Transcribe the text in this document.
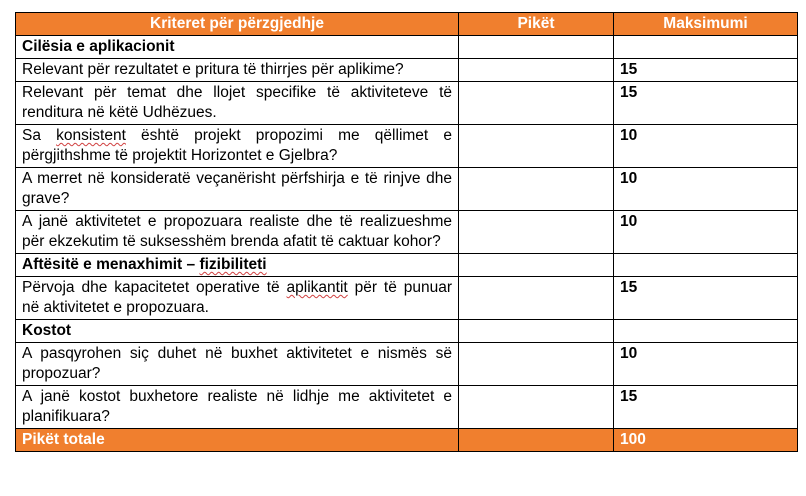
Kriteret për përzgjedhje	Pikët	Maksimumi
Cilësia e aplikacionit		
Relevant për rezultatet e pritura të thirrjes për aplikime?		15
Relevant për temat dhe llojet specifike të aktiviteteve të renditura në këtë Udhëzues.		15
Sa konsistent është projekt propozimi me qëllimet e përgjithshme të projektit Horizontet e Gjelbra?		10
A merret në konsideratë veçanërisht përfshirja e të rinjve dhe grave?		10
A janë aktivitetet e propozuara realiste dhe të realizueshme për ekzekutim të suksesshëm brenda afatit të caktuar kohor?		10
Aftësitë e menaxhimit – fizibiliteti		
Përvoja dhe kapacitetet operative të aplikantit për të punuar në aktivitetet e propozuara.		15
Kostot		
A pasqyrohen siç duhet në buxhet aktivitetet e nismës së propozuar?		10
A janë kostot buxhetore realiste në lidhje me aktivitetet e planifikuara?		15
Pikët totale		100
